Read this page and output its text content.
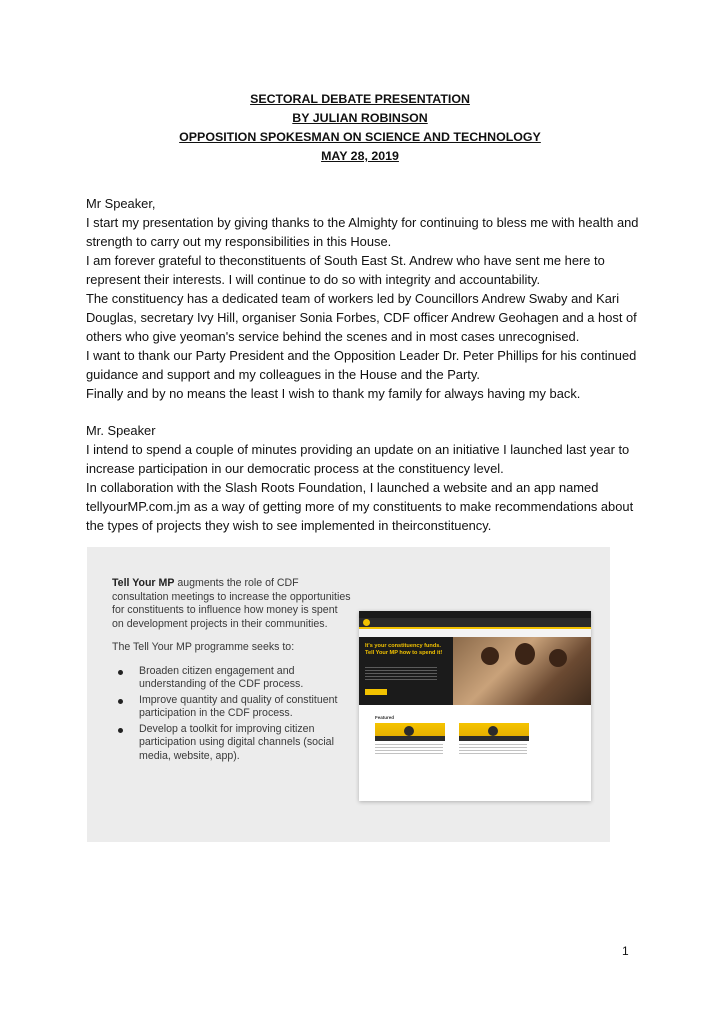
SECTORAL DEBATE PRESENTATION
BY JULIAN ROBINSON
OPPOSITION SPOKESMAN ON SCIENCE AND TECHNOLOGY
MAY 28, 2019

Mr Speaker,

I start my presentation by giving thanks to the Almighty for continuing to bless me with health and strength to carry out my responsibilities in this House.

I am forever grateful to theconstituents of South East St. Andrew who have sent me here to represent their interests. I will continue to do so with integrity and accountability.

The constituency has a dedicated team of workers led by Councillors Andrew Swaby and Kari Douglas, secretary Ivy Hill, organiser Sonia Forbes, CDF officer Andrew Geohagen and a host of others who give yeoman's service behind the scenes and in most cases unrecognised.

I want to thank our Party President and the Opposition Leader Dr. Peter Phillips for his continued guidance and support and my colleagues in the House and the Party.

Finally and by no means the least I wish to thank my family for always having my back.

Mr. Speaker

I intend to spend a couple of minutes providing an update on an initiative I launched last year to increase participation in our democratic process at the constituency level.

In collaboration with the Slash Roots Foundation, I launched a website and an app named tellyourMP.com.jm as a way of getting more of my constituents to make recommendations about the types of projects they wish to see implemented in theirconstituency.

Tell Your MP augments the role of CDF consultation meetings to increase the opportunities for constituents to influence how money is spent on development projects in their communities.

The Tell Your MP programme seeks to:

Broaden citizen engagement and understanding of the CDF process.
Improve quantity and quality of constituent participation in the CDF process.
Develop a toolkit for improving citizen participation using digital channels (social media, website, app).
It's your constituency funds. Tell Your MP how to spend it!
Featured
1
